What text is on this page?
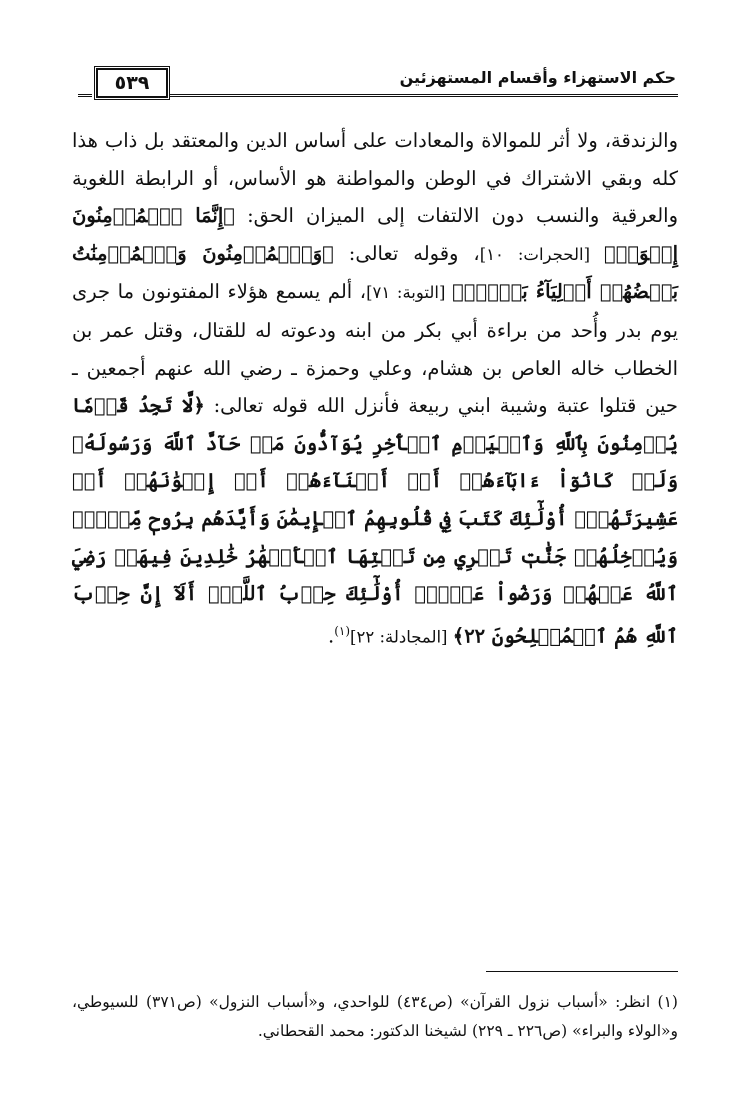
٥٣٩	حكم الاستهزاء وأقسام المستهزئين

والزندقة، ولا أثر للموالاة والمعادات على أساس الدين والمعتقد بل ذاب هذا كله وبقي الاشتراك في الوطن والمواطنة هو الأساس، أو الرابطة اللغوية والعرقية والنسب دون الالتفات إلى الميزان الحق: ﴿إِنَّمَا ٱلۡمُؤۡمِنُونَ إِخۡوَةٞ﴾ [الحجرات: ١٠]، وقوله تعالى: ﴿وَٱلۡمُؤۡمِنُونَ وَٱلۡمُؤۡمِنَٰتُ بَعۡضُهُمۡ أَوۡلِيَآءُ بَعۡضٖۚ﴾ [التوبة: ٧١]، ألم يسمع هؤلاء المفتونون ما جرى يوم بدر وأُحد من براءة أبي بكر من ابنه ودعوته له للقتال، وقتل عمر بن الخطاب خاله العاص بن هشام، وعلي وحمزة ـ رضي الله عنهم أجمعين ـ حين قتلوا عتبة وشيبة ابني ربيعة فأنزل الله قوله تعالى: ﴿لَّا تَجِدُ قَوۡمٗا يُؤۡمِنُونَ بِٱللَّهِ وَٱلۡيَوۡمِ ٱلۡأٓخِرِ يُوَآدُّونَ مَنۡ حَآدَّ ٱللَّهَ وَرَسُولَهُۥ وَلَوۡ كَانُوٓاْ ءَابَآءَهُمۡ أَوۡ أَبۡنَآءَهُمۡ أَوۡ إِخۡوَٰنَهُمۡ أَوۡ عَشِيرَتَهُمۡۚ أُوْلَٰٓئِكَ كَتَبَ فِي قُلُوبِهِمُ ٱلۡإِيمَٰنَ وَأَيَّدَهُم بِرُوحٖ مِّنۡهُۖ وَيُدۡخِلُهُمۡ جَنَّٰتٖ تَجۡرِي مِن تَحۡتِهَا ٱلۡأَنۡهَٰرُ خَٰلِدِينَ فِيهَاۚ رَضِيَ ٱللَّهُ عَنۡهُمۡ وَرَضُواْ عَنۡهُۚ أُوْلَٰٓئِكَ حِزۡبُ ٱللَّهِۚ أَلَآ إِنَّ حِزۡبَ ٱللَّهِ هُمُ ٱلۡمُفۡلِحُونَ ٢٢﴾ [المجادلة: ٢٢]$^{(١)}$.

(١) انظر: «أسباب نزول القرآن» (ص٤٣٤) للواحدي، و«أسباب النزول» (ص٣٧١) للسيوطي، و«الولاء والبراء» (ص٢٢٦ ـ ٢٢٩) لشيخنا الدكتور: محمد القحطاني.
